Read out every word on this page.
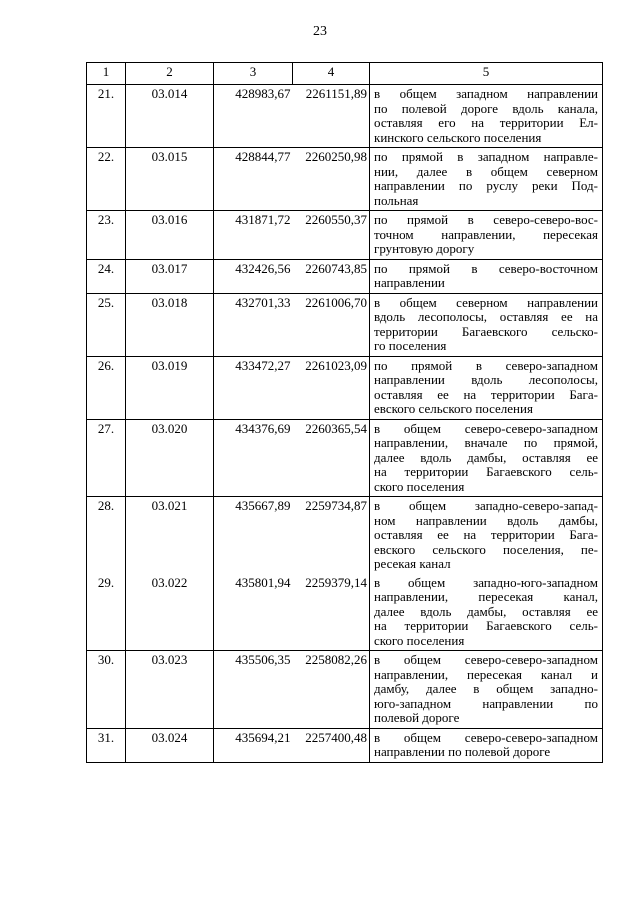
23
1	2	3	4	5
21.	03.014	428983,67	2261151,89	в общем западном направлении
по полевой дороге вдоль канала,
оставляя его на территории Ел-
кинского сельского поселения

22.	03.015	428844,77	2260250,98	по прямой в западном направле-
нии, далее в общем северном
направлении по руслу реки Под-
польная

23.	03.016	431871,72	2260550,37	по прямой в северо-северо-вос-
точном направлении, пересекая
грунтовую дорогу

24.	03.017	432426,56	2260743,85	по прямой в северо-восточном
направлении

25.	03.018	432701,33	2261006,70	в общем северном направлении
вдоль лесополосы, оставляя ее на
территории Багаевского сельско-
го поселения

26.	03.019	433472,27	2261023,09	по прямой в северо-западном
направлении вдоль лесополосы,
оставляя ее на территории Бага-
евского сельского поселения

27.	03.020	434376,69	2260365,54	в общем северо-северо-западном
направлении, вначале по прямой,
далее вдоль дамбы, оставляя ее
на территории Багаевского сель-
ского поселения

28.	03.021	435667,89	2259734,87	в общем западно-северо-запад-
ном направлении вдоль дамбы,
оставляя ее на территории Бага-
евского сельского поселения, пе-
ресекая канал

29.	03.022	435801,94	2259379,14	в общем западно-юго-западном
направлении, пересекая канал,
далее вдоль дамбы, оставляя ее
на территории Багаевского сель-
ского поселения

30.	03.023	435506,35	2258082,26	в общем северо-северо-западном
направлении, пересекая канал и
дамбу, далее в общем западно-
юго-западном направлении по
полевой дороге

31.	03.024	435694,21	2257400,48	в общем северо-северо-западном
направлении по полевой дороге
